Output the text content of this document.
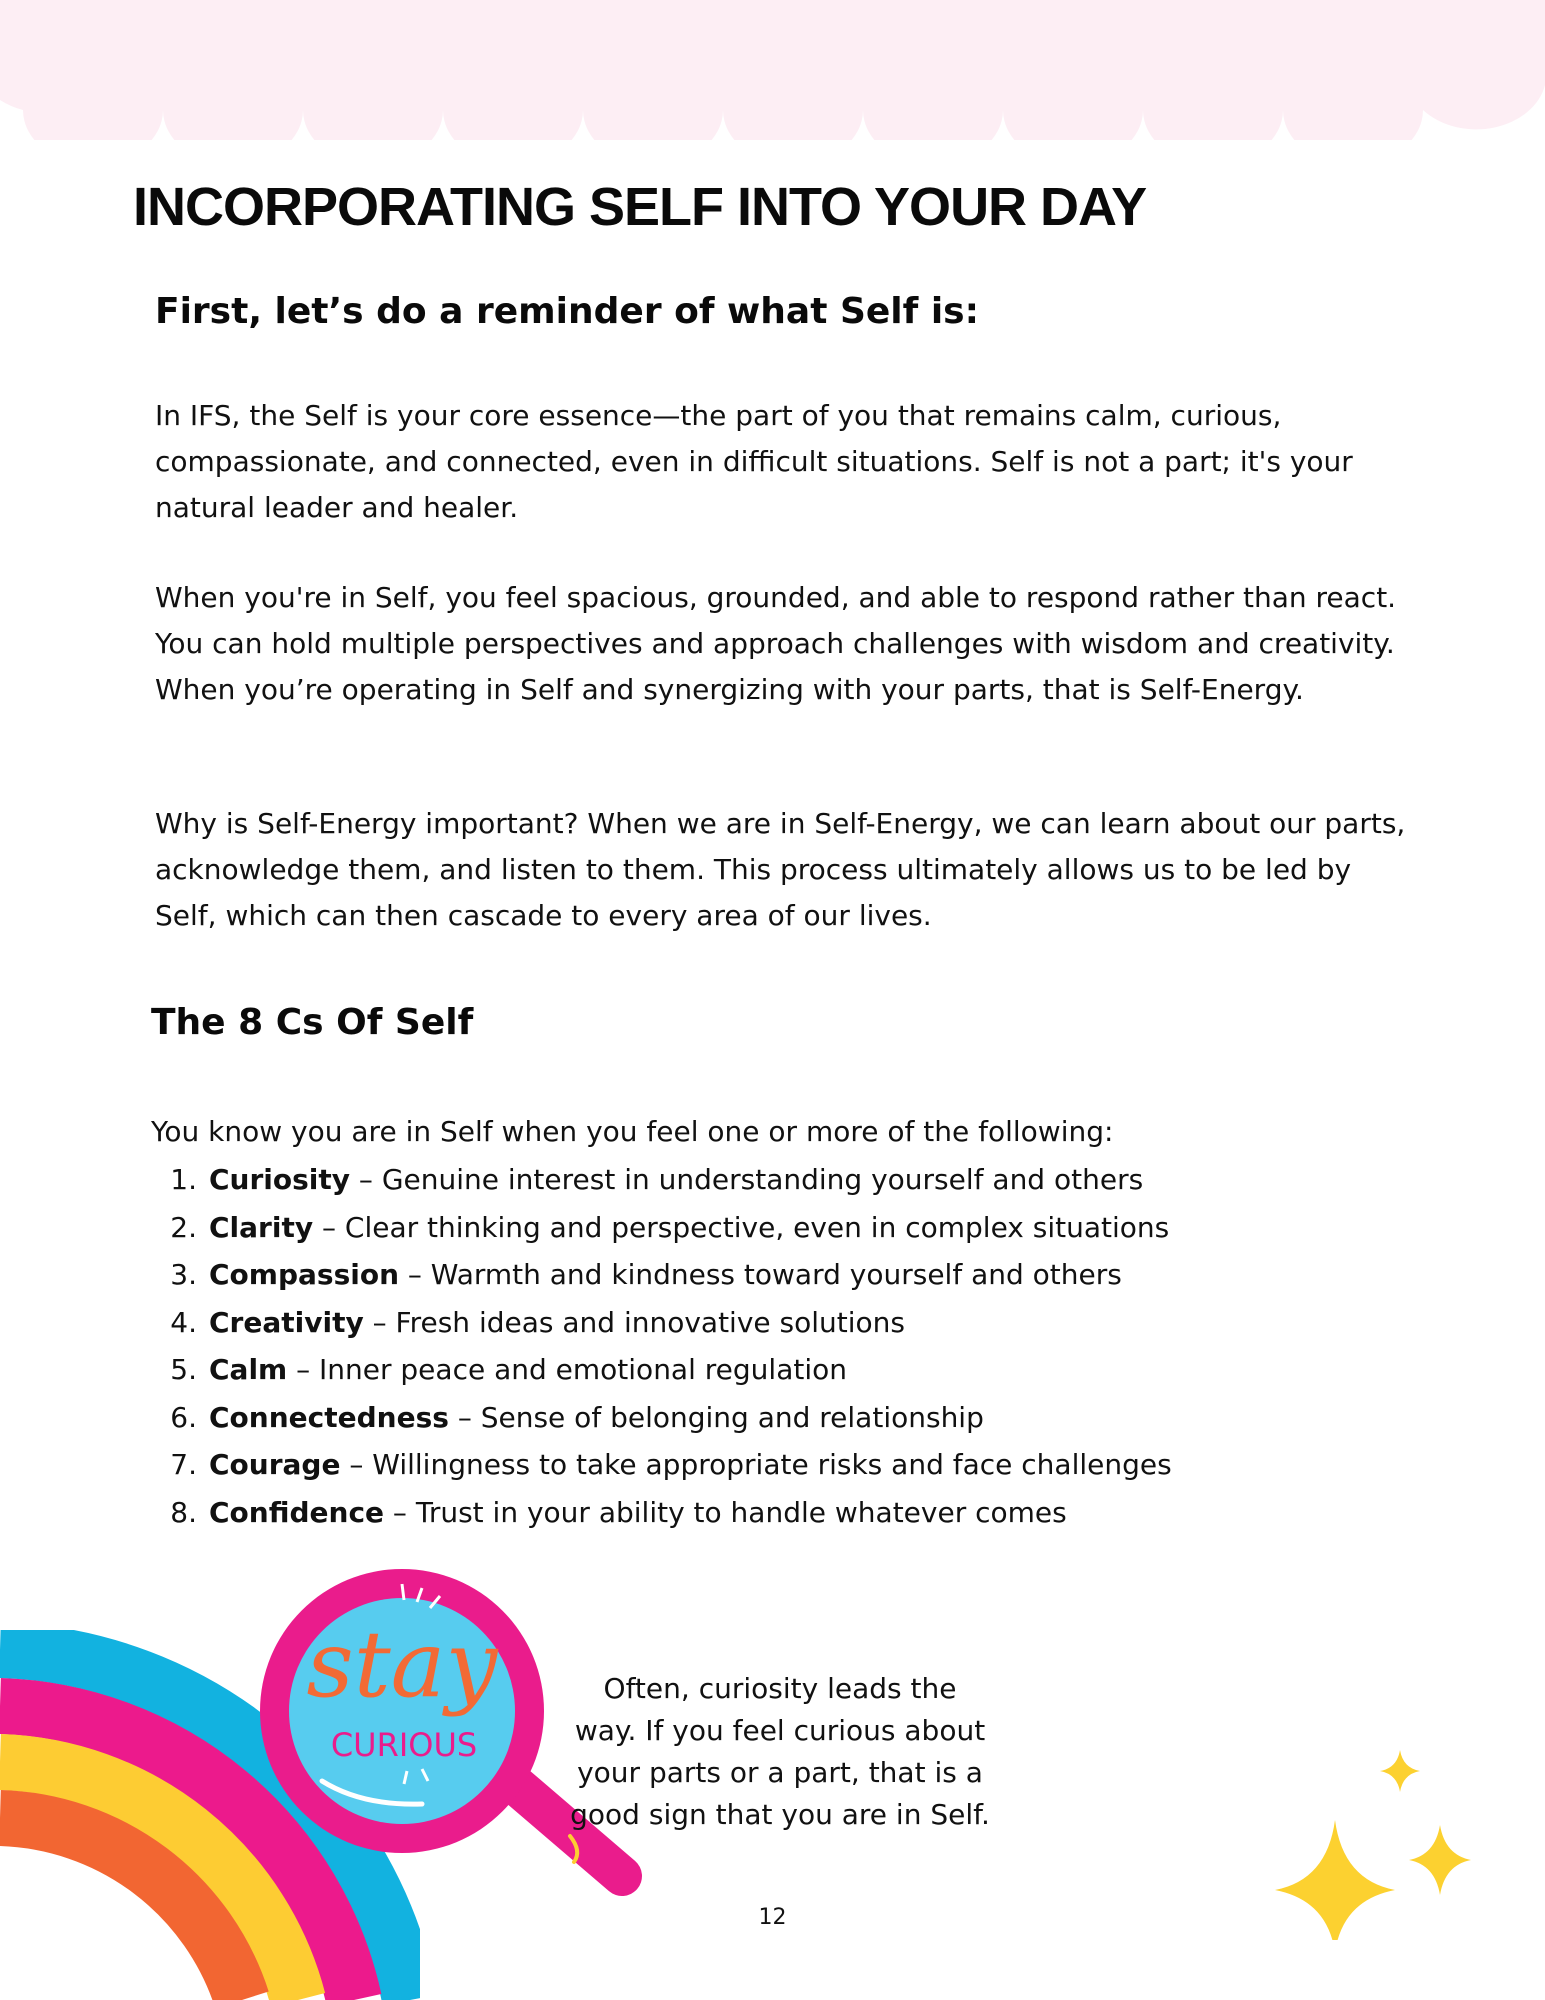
INCORPORATING SELF INTO YOUR DAY
First, let’s do a reminder of what Self is:

In IFS, the Self is your core essence—the part of you that remains calm, curious, compassionate, and connected, even in difficult situations. Self is not a part; it's your natural leader and healer.

When you're in Self, you feel spacious, grounded, and able to respond rather than react. You can hold multiple perspectives and approach challenges with wisdom and creativity. When you’re operating in Self and synergizing with your parts, that is Self-Energy.

Why is Self-Energy important? When we are in Self-Energy, we can learn about our parts, acknowledge them, and listen to them. This process ultimately allows us to be led by Self, which can then cascade to every area of our lives.

The 8 Cs Of Self

You know you are in Self when you feel one or more of the following:

1. Curiosity – Genuine interest in understanding yourself and others
2. Clarity – Clear thinking and perspective, even in complex situations
3. Compassion – Warmth and kindness toward yourself and others
4. Creativity – Fresh ideas and innovative solutions
5. Calm – Inner peace and emotional regulation
6. Connectedness – Sense of belonging and relationship
7. Courage – Willingness to take appropriate risks and face challenges
8. Confidence – Trust in your ability to handle whatever comes
stay
CURIOUS

Often, curiosity leads the way. If you feel curious about your parts or a part, that is a good sign that you are in Self.

12
